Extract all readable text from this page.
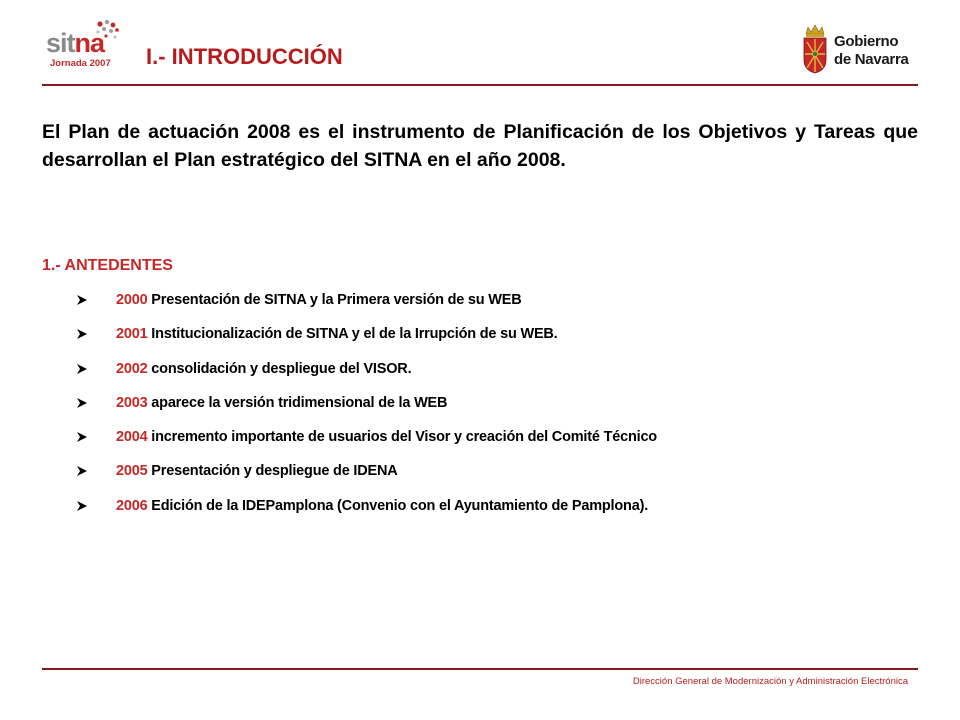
sitna
Jornada 2007 I.- INTRODUCCIÓN
Gobierno
de Navarra
El Plan de actuación 2008 es el instrumento de Planificación de los Objetivos y Tareas que desarrollan el Plan estratégico del SITNA en el año 2008.
1.- ANTEDENTES
2000 Presentación de SITNA y la Primera versión de su WEB
2001 Institucionalización de SITNA y el de la Irrupción de su WEB.
2002 consolidación y despliegue del VISOR.
2003 aparece la versión tridimensional de la WEB
2004 incremento importante de usuarios del Visor y creación del Comité Técnico
2005 Presentación y despliegue de IDENA
2006 Edición de la IDEPamplona (Convenio con el Ayuntamiento de Pamplona).
Dirección General de Modernización y Administración Electrónica
